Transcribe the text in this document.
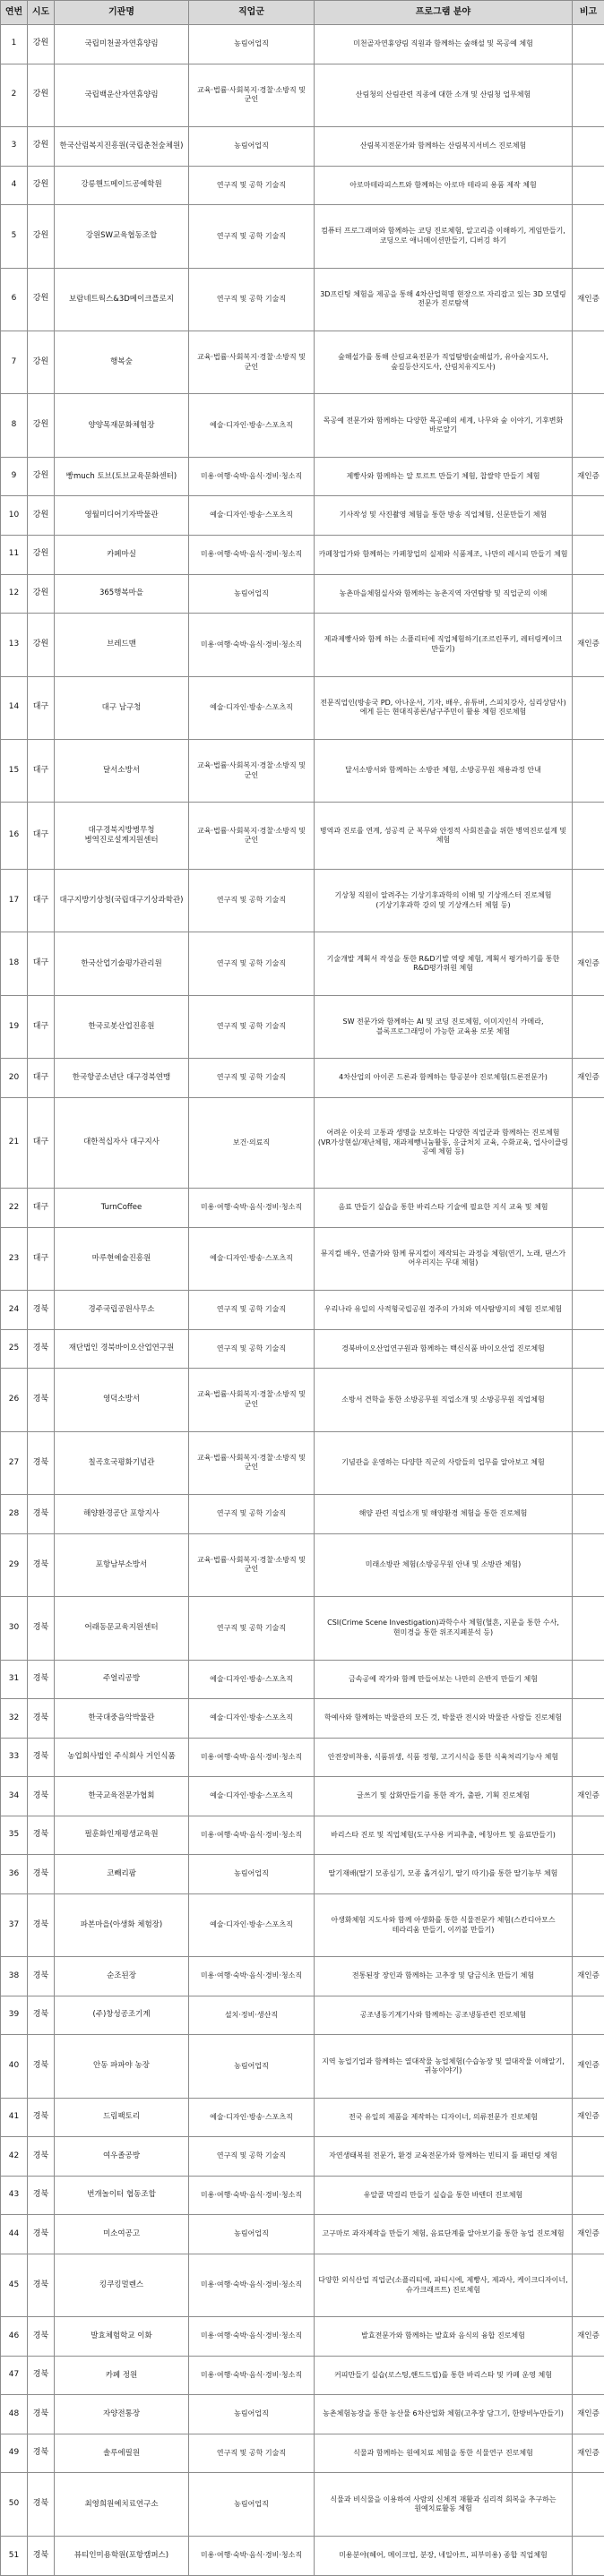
연번	시도	기관명	직업군	프로그램 분야	비고
1	강원	국립미천골자연휴양림	농림어업직	미천골자연휴양림 직원과 함께하는 숲해설 및 목공예 체험	
2	강원	국립백운산자연휴양림	교육·법률·사회복지·경찰·소방직 및 군인	산림청의 산림관련 직종에 대한 소개 및 산림청 업무체험	
3	강원	한국산림복지진흥원(국립춘천숲체원)	농림어업직	산림복지전문가와 함께하는 산림복지서비스 진로체험	
4	강원	강릉핸드메이드공예학원	연구직 및 공학 기술직	아로마테라피스트와 함께하는 아로마 테라피 용품 제작 체험	
5	강원	강원SW교육협동조합	연구직 및 공학 기술직	컴퓨터 프로그래머와 함께하는 코딩 진로체험, 알고리즘 이해하기, 게임만들기, 코딩으로 애니메이션만들기, 디버깅 하기	
6	강원	보람네트웍스&3D메이크플로지	연구직 및 공학 기술직	3D프린팅 체험을 제공을 통해 4차산업혁명 현장으로 자리잡고 있는 3D 모델링 전문가 진로탐색	재인증
7	강원	행복숲	교육·법률·사회복지·경찰·소방직 및 군인	숲해설가를 통해 산림교육전문가 직업탐방(숲해설가, 유아숲지도사, 숲길등산지도사, 산림치유지도사)	
8	강원	양양목재문화체험장	예술·디자인·방송·스포츠직	목공예 전문가와 함께하는 다양한 목공예의 세계, 나무와 숲 이야기, 기후변화 바로알기	
9	강원	빵much 토브(토브교육문화센터)	미용·여행·숙박·음식·경비·청소직	제빵사와 함께하는 알 토르트 만들기 체험, 찹쌀약 만들기 체험	재인증
10	강원	영월미디어기자박물관	예술·디자인·방송·스포츠직	기사작성 및 사진촬영 체험을 통한 방송 직업체험, 신문만들기 체험	
11	강원	카페마실	미용·여행·숙박·음식·경비·청소직	카페창업가와 함께하는 카페창업의 실제와 식품제조, 나만의 레시피 만들기 체험	
12	강원	365행복마을	농림어업직	농촌마을체험실사와 함께하는 농촌지역 자연탐방 및 직업군의 이해	
13	강원	브레드맨	미용·여행·숙박·음식·경비·청소직	제과제빵사와 함께 하는 소플리터에 직업체험하기(조르린푸키, 레터링케이크 만들기)	재인증
14	대구	대구 남구청	예술·디자인·방송·스포츠직	전문직업인(방송국 PD, 아나운서, 기자, 배우, 유튜버, 스피치강사, 심리상담사)에게 듣는 현대직종론/남구주민이 활용 체험 진로체험	
15	대구	달서소방서	교육·법률·사회복지·경찰·소방직 및 군인	달서소방서와 함께하는 소방관 체험, 소방공무원 채용과정 안내	
16	대구	대구경북지방병무청 병역진로설계지원센터	교육·법률·사회복지·경찰·소방직 및 군인	병역과 진로를 연계, 성공적 군 복무와 안정적 사회진출을 위한 병역진로설계 및 체험	
17	대구	대구지방기상청(국립대구기상과학관)	연구직 및 공학 기술직	기상청 직원이 알려주는 기상기후과학의 이해 및 기상캐스터 진로체험(기상기후과학 강의 및 기상캐스터 체험 등)	
18	대구	한국산업기술평가관리원	연구직 및 공학 기술직	기술개발 계획서 작성을 통한 R&D기발 역량 체험, 계획서 평가하기를 통한 R&D평가위원 체험	재인증
19	대구	한국로봇산업진흥원	연구직 및 공학 기술직	SW 전문가와 함께하는 AI 및 코딩 진로체험, 이미지인식 카메라, 블록프로그래밍이 가능한 교육용 로봇 체험	
20	대구	한국항공소년단 대구경북연맹	연구직 및 공학 기술직	4차산업의 아이콘 드론과 함께하는 항공분야 진로체험(드론전문가)	재인증
21	대구	대한적십자사 대구지사	보건·의료직	어려운 이웃의 고통과 생명을 보호하는 다양한 직업군과 함께하는 진로체험(VR가상현실/재난체험, 재과제뺑니눔활동, 응급처치 교육, 수화교육, 업사이클링 공예 체험 등)	
22	대구	TurnCoffee	미용·여행·숙박·음식·경비·청소직	음료 만들기 실습을 통한 바리스타 기술에 필요한 지식 교육 및 체험	
23	대구	마루현예술진흥원	예술·디자인·방송·스포츠직	뮤지컬 배우, 연출가와 함께 뮤지컬이 제작되는 과정을 체험(연기, 노래, 댄스가 어우러지는 무대 체험)	
24	경북	경주국립공원사무소	연구직 및 공학 기술직	우리나라 유일의 사적형국립공원 경주의 가치와 역사탐방지의 체험 진로체험	
25	경북	재단법인 경북바이오산업연구원	연구직 및 공학 기술직	경북바이오산업연구원과 함께하는 백신식품 바이오산업 진로체험	
26	경북	영덕소방서	교육·법률·사회복지·경찰·소방직 및 군인	소방서 견학을 통한 소방공무원 직업소개 및 소방공무원 직업체험	
27	경북	칠곡호국평화기념관	교육·법률·사회복지·경찰·소방직 및 군인	기념관을 운영하는 다양한 직군의 사람들의 업무를 알아보고 체험	
28	경북	해양환경공단 포항지사	연구직 및 공학 기술직	해양 관련 직업소개 및 해양환경 체험을 통한 진로체험	
29	경북	포항남부소방서	교육·법률·사회복지·경찰·소방직 및 군인	미래소방관 체험(소방공무원 안내 및 소방관 체험)	
30	경북	어래동문교육지원센터	연구직 및 공학 기술직	CSI(Crime Scene Investigation)과학수사 체험(혈흔, 지문을 통한 수사, 현미경을 통한 위조지폐분석 등)	
31	경북	주얼리공방	예술·디자인·방송·스포츠직	금속공예 작가와 함께 만들어보는 나만의 은반지 만들기 체험	
32	경북	한국대중음악박물관	예술·디자인·방송·스포츠직	학예사와 함께하는 박물관의 모든 것, 박물관 전시와 박물관 사람들 진로체험	
33	경북	농업회사법인 주식회사 거인식품	미용·여행·숙박·음식·경비·청소직	안전장비착용, 식품위생, 식품 정형, 고기시식을 통한 식육처리기능사 체험	
34	경북	한국교육전문가협회	예술·디자인·방송·스포츠직	글쓰기 및 삽화만들기를 통한 작가, 출판, 기획 진로체험	재인증
35	경북	펄훈화인재평생교육원	미용·여행·숙박·음식·경비·청소직	바리스타 진로 및 직업체험(도구사용 커피추출, 에칭아트 및 음료만들기)	
36	경북	코빼리팜	농림어업직	딸기재배(딸기 모종심기, 모종 옮겨심기, 딸기 따기)를 통한 딸기농부 체험	
37	경북	파본마을(아생화 체험장)	예술·디자인·방송·스포츠직	아생화체험 지도사와 함께 아생화를 통한 식물전문가 체험(스칸디아모스 테라리움 만들기, 이끼볼 만들기)	
38	경북	순조된장	미용·여행·숙박·음식·경비·청소직	전통된장 장인과 함께하는 고추장 및 담금식초 만들기 체험	재인증
39	경북	(주)창성공조기계	설치·정비·생산직	공조냉동기계기사와 함께하는 공조냉동관련 진로체험	
40	경북	안동 파파야 농장	농림어업직	지역 농업기업과 함께하는 열대작물 농업체험(수습농장 및 열대작물 이해알기, 귀농이야기)	재인증
41	경북	드림팩토리	예술·디자인·방송·스포츠직	전국 유일의 제품을 제작하는 디자이너, 의류전문가 진로체험	재인증
42	경북	여우졸공방	연구직 및 공학 기술직	자연생태복원 전문가, 환경 교육전문가와 함께하는 빈티지 틀 패턴링 체험	
43	경북	번개놀이터 협동조합	미용·여행·숙박·음식·경비·청소직	유알콜 막걸리 만들기 실습을 통한 바텐더 진로체험	
44	경북	미소여공고	농림어업직	고구마로 과자제작을 만들기 체험, 음료단계를 알아보기를 통한 농업 진로체험	재인증
45	경북	킹쿠킹멀렌스	미용·여행·숙박·음식·경비·청소직	다양한 외식산업 직업군(소플리티에, 파티시에, 제빵사, 제과사, 케이크디자이너, 슈가크래프트) 진로체험	
46	경북	발효체험학교 이화	미용·여행·숙박·음식·경비·청소직	발효전문가와 함께하는 발효와 음식의 융합 진로체험	재인증
47	경북	카페 정원	미용·여행·숙박·음식·경비·청소직	커피만들기 실습(로스팅,핸드드립)를 통한 바리스타 및 카페 운영 체험	
48	경북	자양전통장	농림어업직	농촌체험농장을 통한 농산물 6차산업화 체험(고추장 담그기, 한방비누만들기)	재인증
49	경북	솔루에필원	연구직 및 공학 기술직	식물과 함께하는 원예치료 체험을 통한 식물연구 진로체험	재인증
50	경북	최영희원예치료연구소	농림어업직	식물과 비식물을 이용하여 사람의 신체적 재활과 심리적 회복을 추구하는 원예치료활동 체험	
51	경북	뷰티인미용학원(포항캠퍼스)	미용·여행·숙박·음식·경비·청소직	미용분야(헤어, 메이크업, 분장, 네일아트, 피부미용) 종합 직업체험	
